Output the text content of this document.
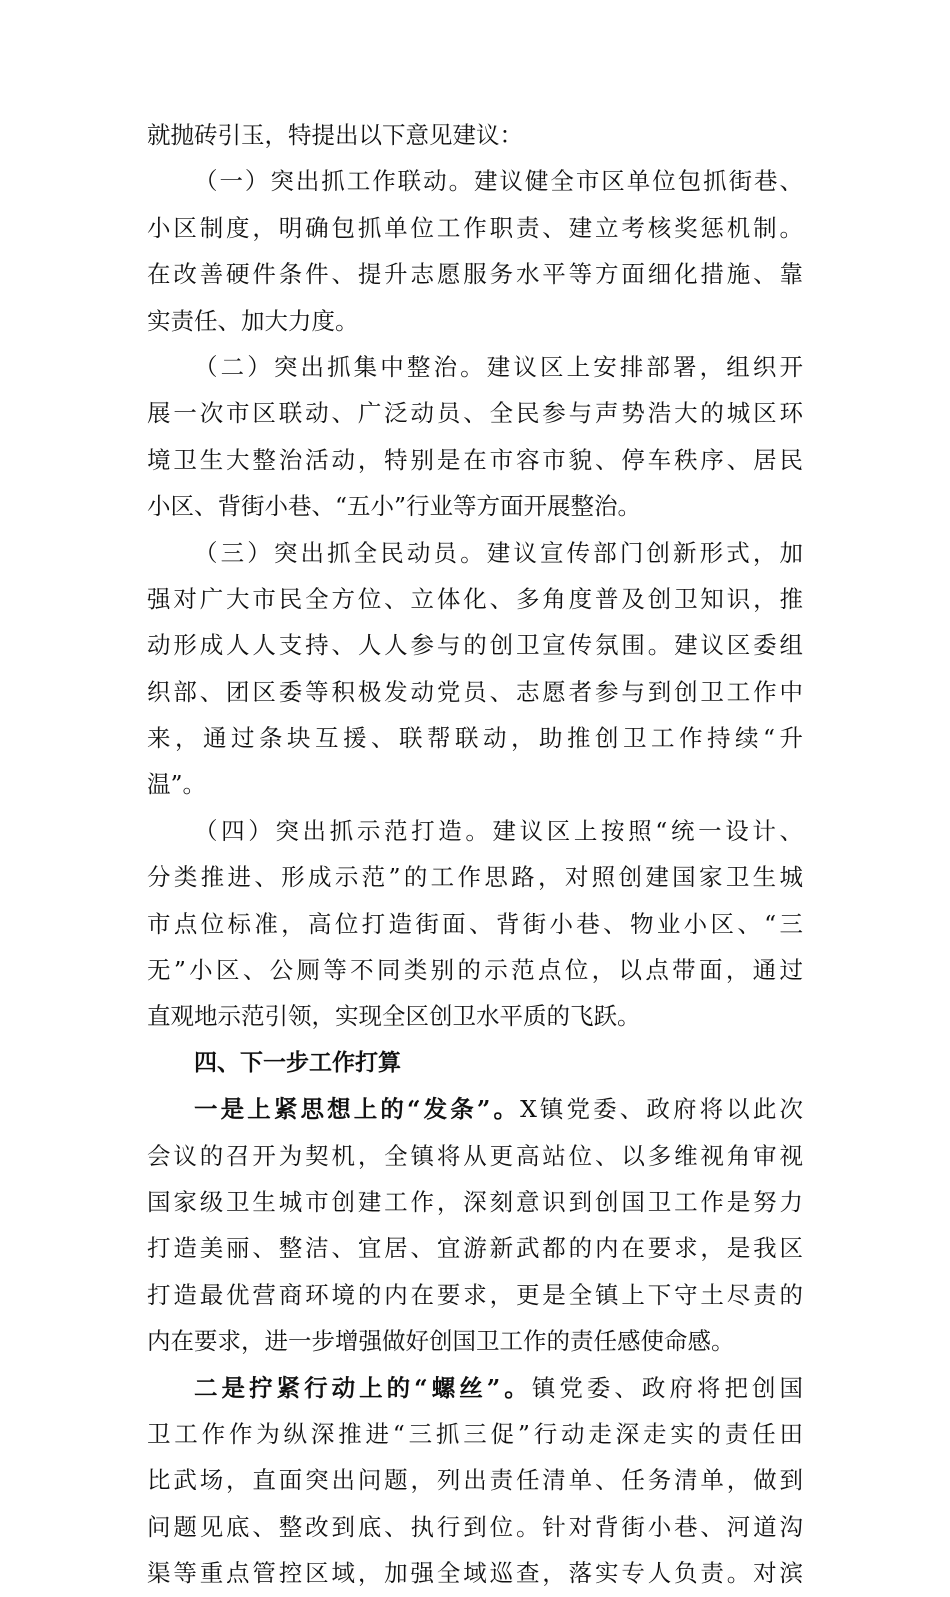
就抛砖引玉，特提出以下意见建议：
（一）突出抓工作联动。建议健全市区单位包抓街巷、
小区制度，明确包抓单位工作职责、建立考核奖惩机制。
在改善硬件条件、提升志愿服务水平等方面细化措施、靠
实责任、加大力度。
（二）突出抓集中整治。建议区上安排部署，组织开
展一次市区联动、广泛动员、全民参与声势浩大的城区环
境卫生大整治活动，特别是在市容市貌、停车秩序、居民
小区、背街小巷、“五小”行业等方面开展整治。
（三）突出抓全民动员。建议宣传部门创新形式，加
强对广大市民全方位、立体化、多角度普及创卫知识，推
动形成人人支持、人人参与的创卫宣传氛围。建议区委组
织部、团区委等积极发动党员、志愿者参与到创卫工作中
来，通过条块互援、联帮联动，助推创卫工作持续“升
温”。
（四）突出抓示范打造。建议区上按照“统一设计、
分类推进、形成示范”的工作思路，对照创建国家卫生城
市点位标准，高位打造街面、背街小巷、物业小区、“三
无”小区、公厕等不同类别的示范点位，以点带面，通过
直观地示范引领，实现全区创卫水平质的飞跃。
四、下一步工作打算
一是上紧思想上的“发条”。X镇党委、政府将以此次
会议的召开为契机，全镇将从更高站位、以多维视角审视
国家级卫生城市创建工作，深刻意识到创国卫工作是努力
打造美丽、整洁、宜居、宜游新武都的内在要求，是我区
打造最优营商环境的内在要求，更是全镇上下守土尽责的
内在要求，进一步增强做好创国卫工作的责任感使命感。
二是拧紧行动上的“螺丝”。镇党委、政府将把创国
卫工作作为纵深推进“三抓三促”行动走深走实的责任田
比武场，直面突出问题，列出责任清单、任务清单，做到
问题见底、整改到底、执行到位。针对背街小巷、河道沟
渠等重点管控区域，加强全域巡查，落实专人负责。对滨
